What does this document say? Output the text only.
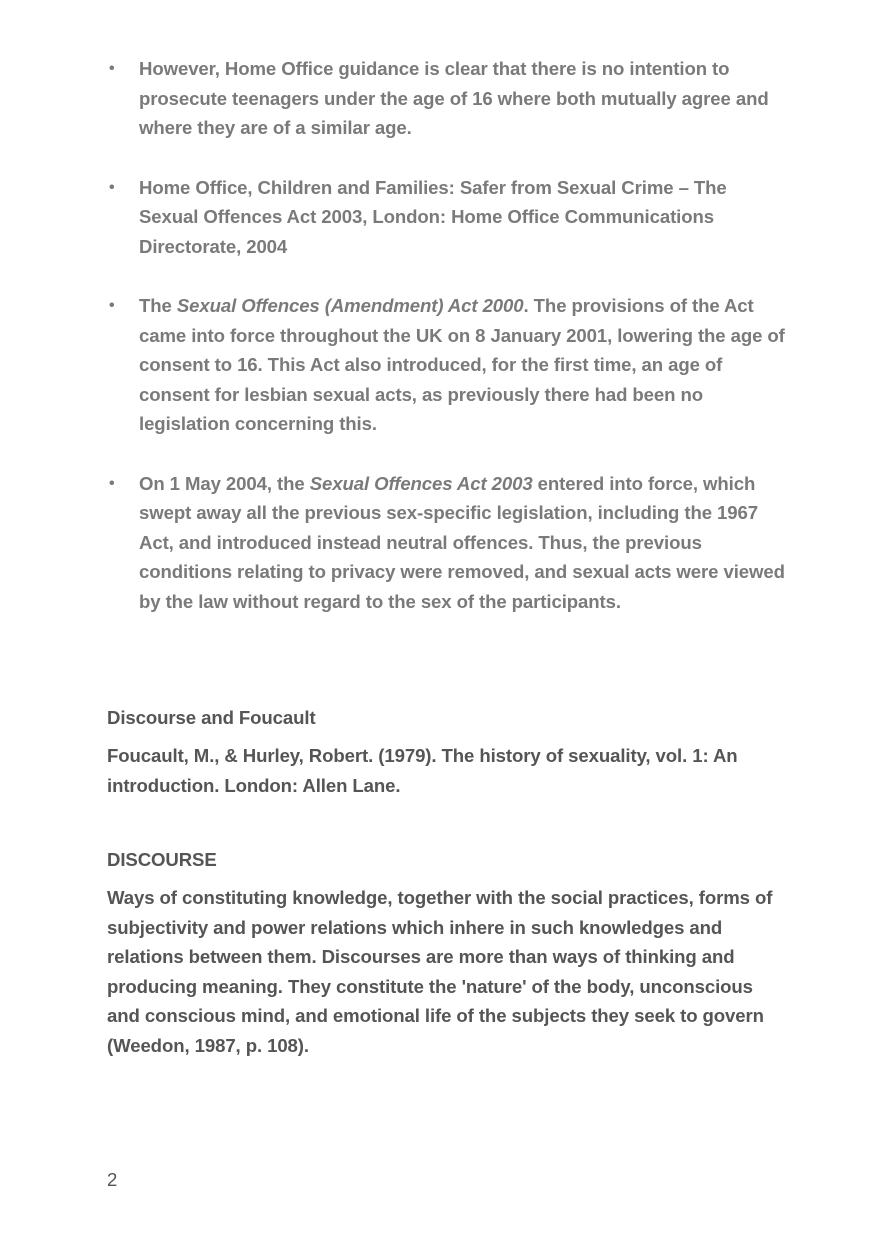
• However, Home Office guidance is clear that there is no intention to prosecute teenagers under the age of 16 where both mutually agree and where they are of a similar age.
• Home Office, Children and Families: Safer from Sexual Crime – The Sexual Offences Act 2003, London: Home Office Communications Directorate, 2004
• The Sexual Offences (Amendment) Act 2000. The provisions of the Act came into force throughout the UK on 8 January 2001, lowering the age of consent to 16. This Act also introduced, for the first time, an age of consent for lesbian sexual acts, as previously there had been no legislation concerning this.
• On 1 May 2004, the Sexual Offences Act 2003 entered into force, which swept away all the previous sex-specific legislation, including the 1967 Act, and introduced instead neutral offences. Thus, the previous conditions relating to privacy were removed, and sexual acts were viewed by the law without regard to the sex of the participants.
Discourse and Foucault
Foucault, M., & Hurley, Robert. (1979). The history of sexuality, vol. 1: An introduction. London: Allen Lane.
DISCOURSE
Ways of constituting knowledge, together with the social practices, forms of subjectivity and power relations which inhere in such knowledges and relations between them. Discourses are more than ways of thinking and producing meaning. They constitute the 'nature' of the body, unconscious and conscious mind, and emotional life of the subjects they seek to govern (Weedon, 1987, p. 108).
2
